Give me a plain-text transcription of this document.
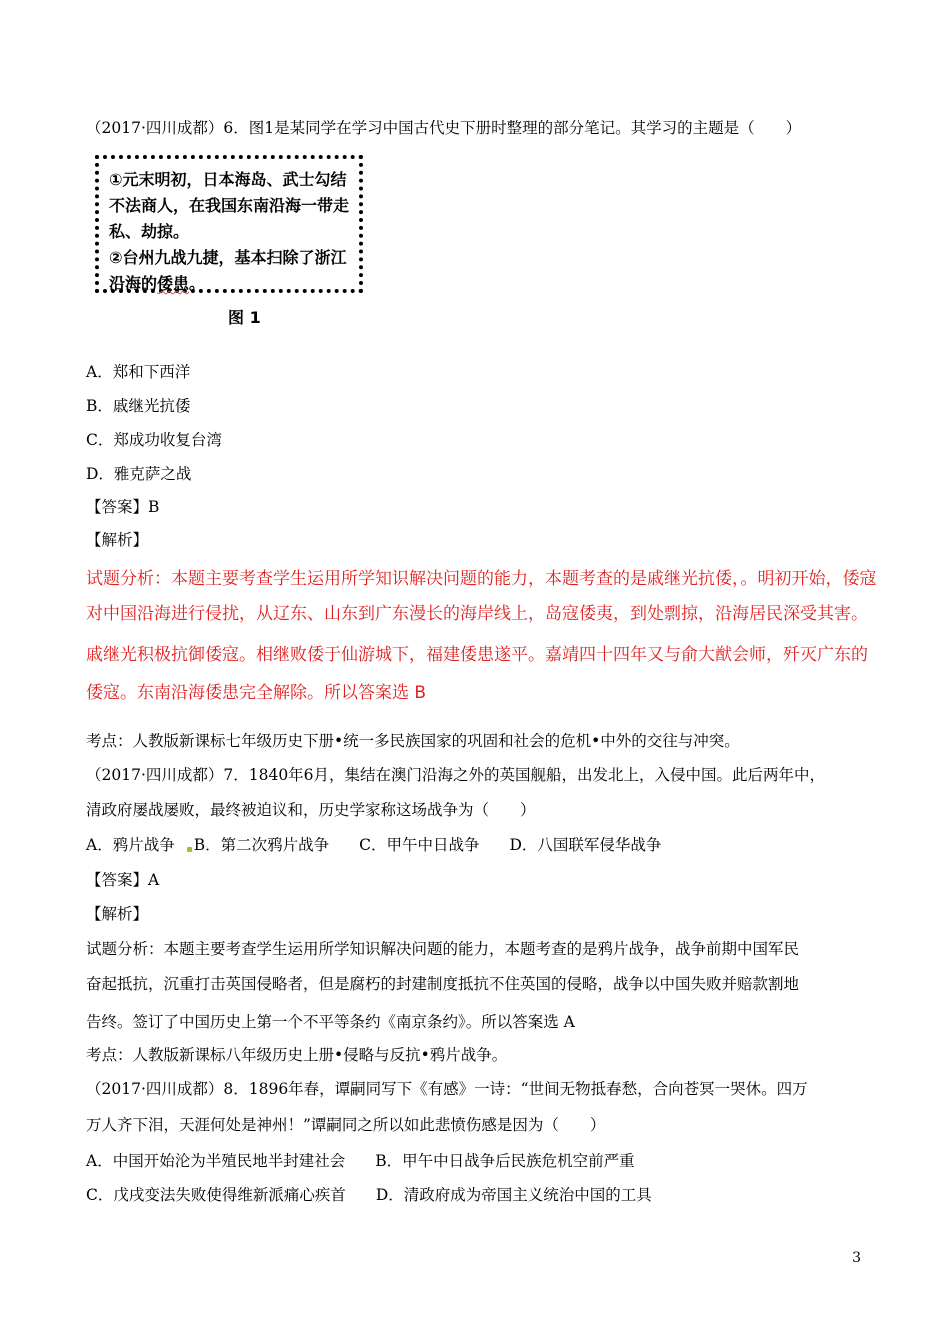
（2017·四川成都）6．图1是某同学在学习中国古代史下册时整理的部分笔记。其学习的主题是（　　）
①元末明初，日本海岛、武士勾结
不法商人，在我国东南沿海一带走
私、劫掠。
②台州九战九捷，基本扫除了浙江
沿海的倭患。
图 1
A．郑和下西洋
B．戚继光抗倭
C．郑成功收复台湾
D．雅克萨之战
【答案】B
【解析】
试题分析：本题主要考查学生运用所学知识解决问题的能力，本题考查的是戚继光抗倭，。明初开始，倭寇
对中国沿海进行侵扰，从辽东、山东到广东漫长的海岸线上，岛寇倭夷，到处剽掠，沿海居民深受其害。
戚继光积极抗御倭寇。相继败倭于仙游城下，福建倭患遂平。嘉靖四十四年又与俞大猷会师，歼灭广东的
倭寇。东南沿海倭患完全解除。所以答案选 B
考点：人教版新课标七年级历史下册•统一多民族国家的巩固和社会的危机•中外的交往与冲突。
（2017·四川成都）7．1840年6月，集结在澳门沿海之外的英国舰船，出发北上，入侵中国。此后两年中，
清政府屡战屡败，最终被迫议和，历史学家称这场战争为（　　）
A．鸦片战争 B．第二次鸦片战争 C．甲午中日战争 D．八国联军侵华战争
【答案】A
【解析】
试题分析：本题主要考查学生运用所学知识解决问题的能力，本题考查的是鸦片战争，战争前期中国军民
奋起抵抗，沉重打击英国侵略者，但是腐朽的封建制度抵抗不住英国的侵略，战争以中国失败并赔款割地
告终。签订了中国历史上第一个不平等条约《南京条约》。所以答案选 A
考点：人教版新课标八年级历史上册•侵略与反抗•鸦片战争。
（2017·四川成都）8．1896年春，谭嗣同写下《有感》一诗：“世间无物抵春愁，合向苍冥一哭休。四万
万人齐下泪，天涯何处是神州！”谭嗣同之所以如此悲愤伤感是因为（　　）
A．中国开始沦为半殖民地半封建社会 B．甲午中日战争后民族危机空前严重
C．戊戌变法失败使得维新派痛心疾首 D．清政府成为帝国主义统治中国的工具
3
